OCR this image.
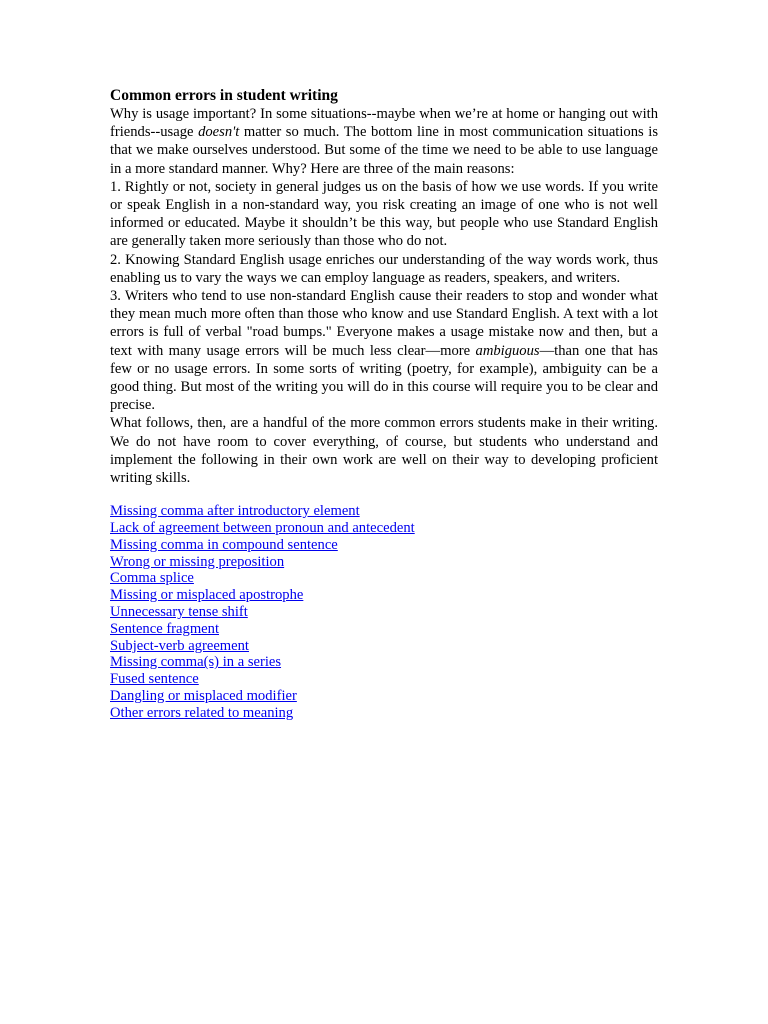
Common errors in student writing

Why is usage important? In some situations--maybe when we’re at home or hanging out with friends--usage doesn't matter so much. The bottom line in most communication situations is that we make ourselves understood. But some of the time we need to be able to use language in a more standard manner. Why? Here are three of the main reasons:

1. Rightly or not, society in general judges us on the basis of how we use words. If you write or speak English in a non-standard way, you risk creating an image of one who is not well informed or educated. Maybe it shouldn’t be this way, but people who use Standard English are generally taken more seriously than those who do not.

2. Knowing Standard English usage enriches our understanding of the way words work, thus enabling us to vary the ways we can employ language as readers, speakers, and writers.

3. Writers who tend to use non-standard English cause their readers to stop and wonder what they mean much more often than those who know and use Standard English. A text with a lot errors is full of verbal "road bumps." Everyone makes a usage mistake now and then, but a text with many usage errors will be much less clear—more ambiguous—than one that has few or no usage errors. In some sorts of writing (poetry, for example), ambiguity can be a good thing. But most of the writing you will do in this course will require you to be clear and precise.

What follows, then, are a handful of the more common errors students make in their writing. We do not have room to cover everything, of course, but students who understand and implement the following in their own work are well on their way to developing proficient writing skills.

Missing comma after introductory element
Lack of agreement between pronoun and antecedent
Missing comma in compound sentence
Wrong or missing preposition
Comma splice
Missing or misplaced apostrophe
Unnecessary tense shift
Sentence fragment
Subject-verb agreement
Missing comma(s) in a series
Fused sentence
Dangling or misplaced modifier
Other errors related to meaning
